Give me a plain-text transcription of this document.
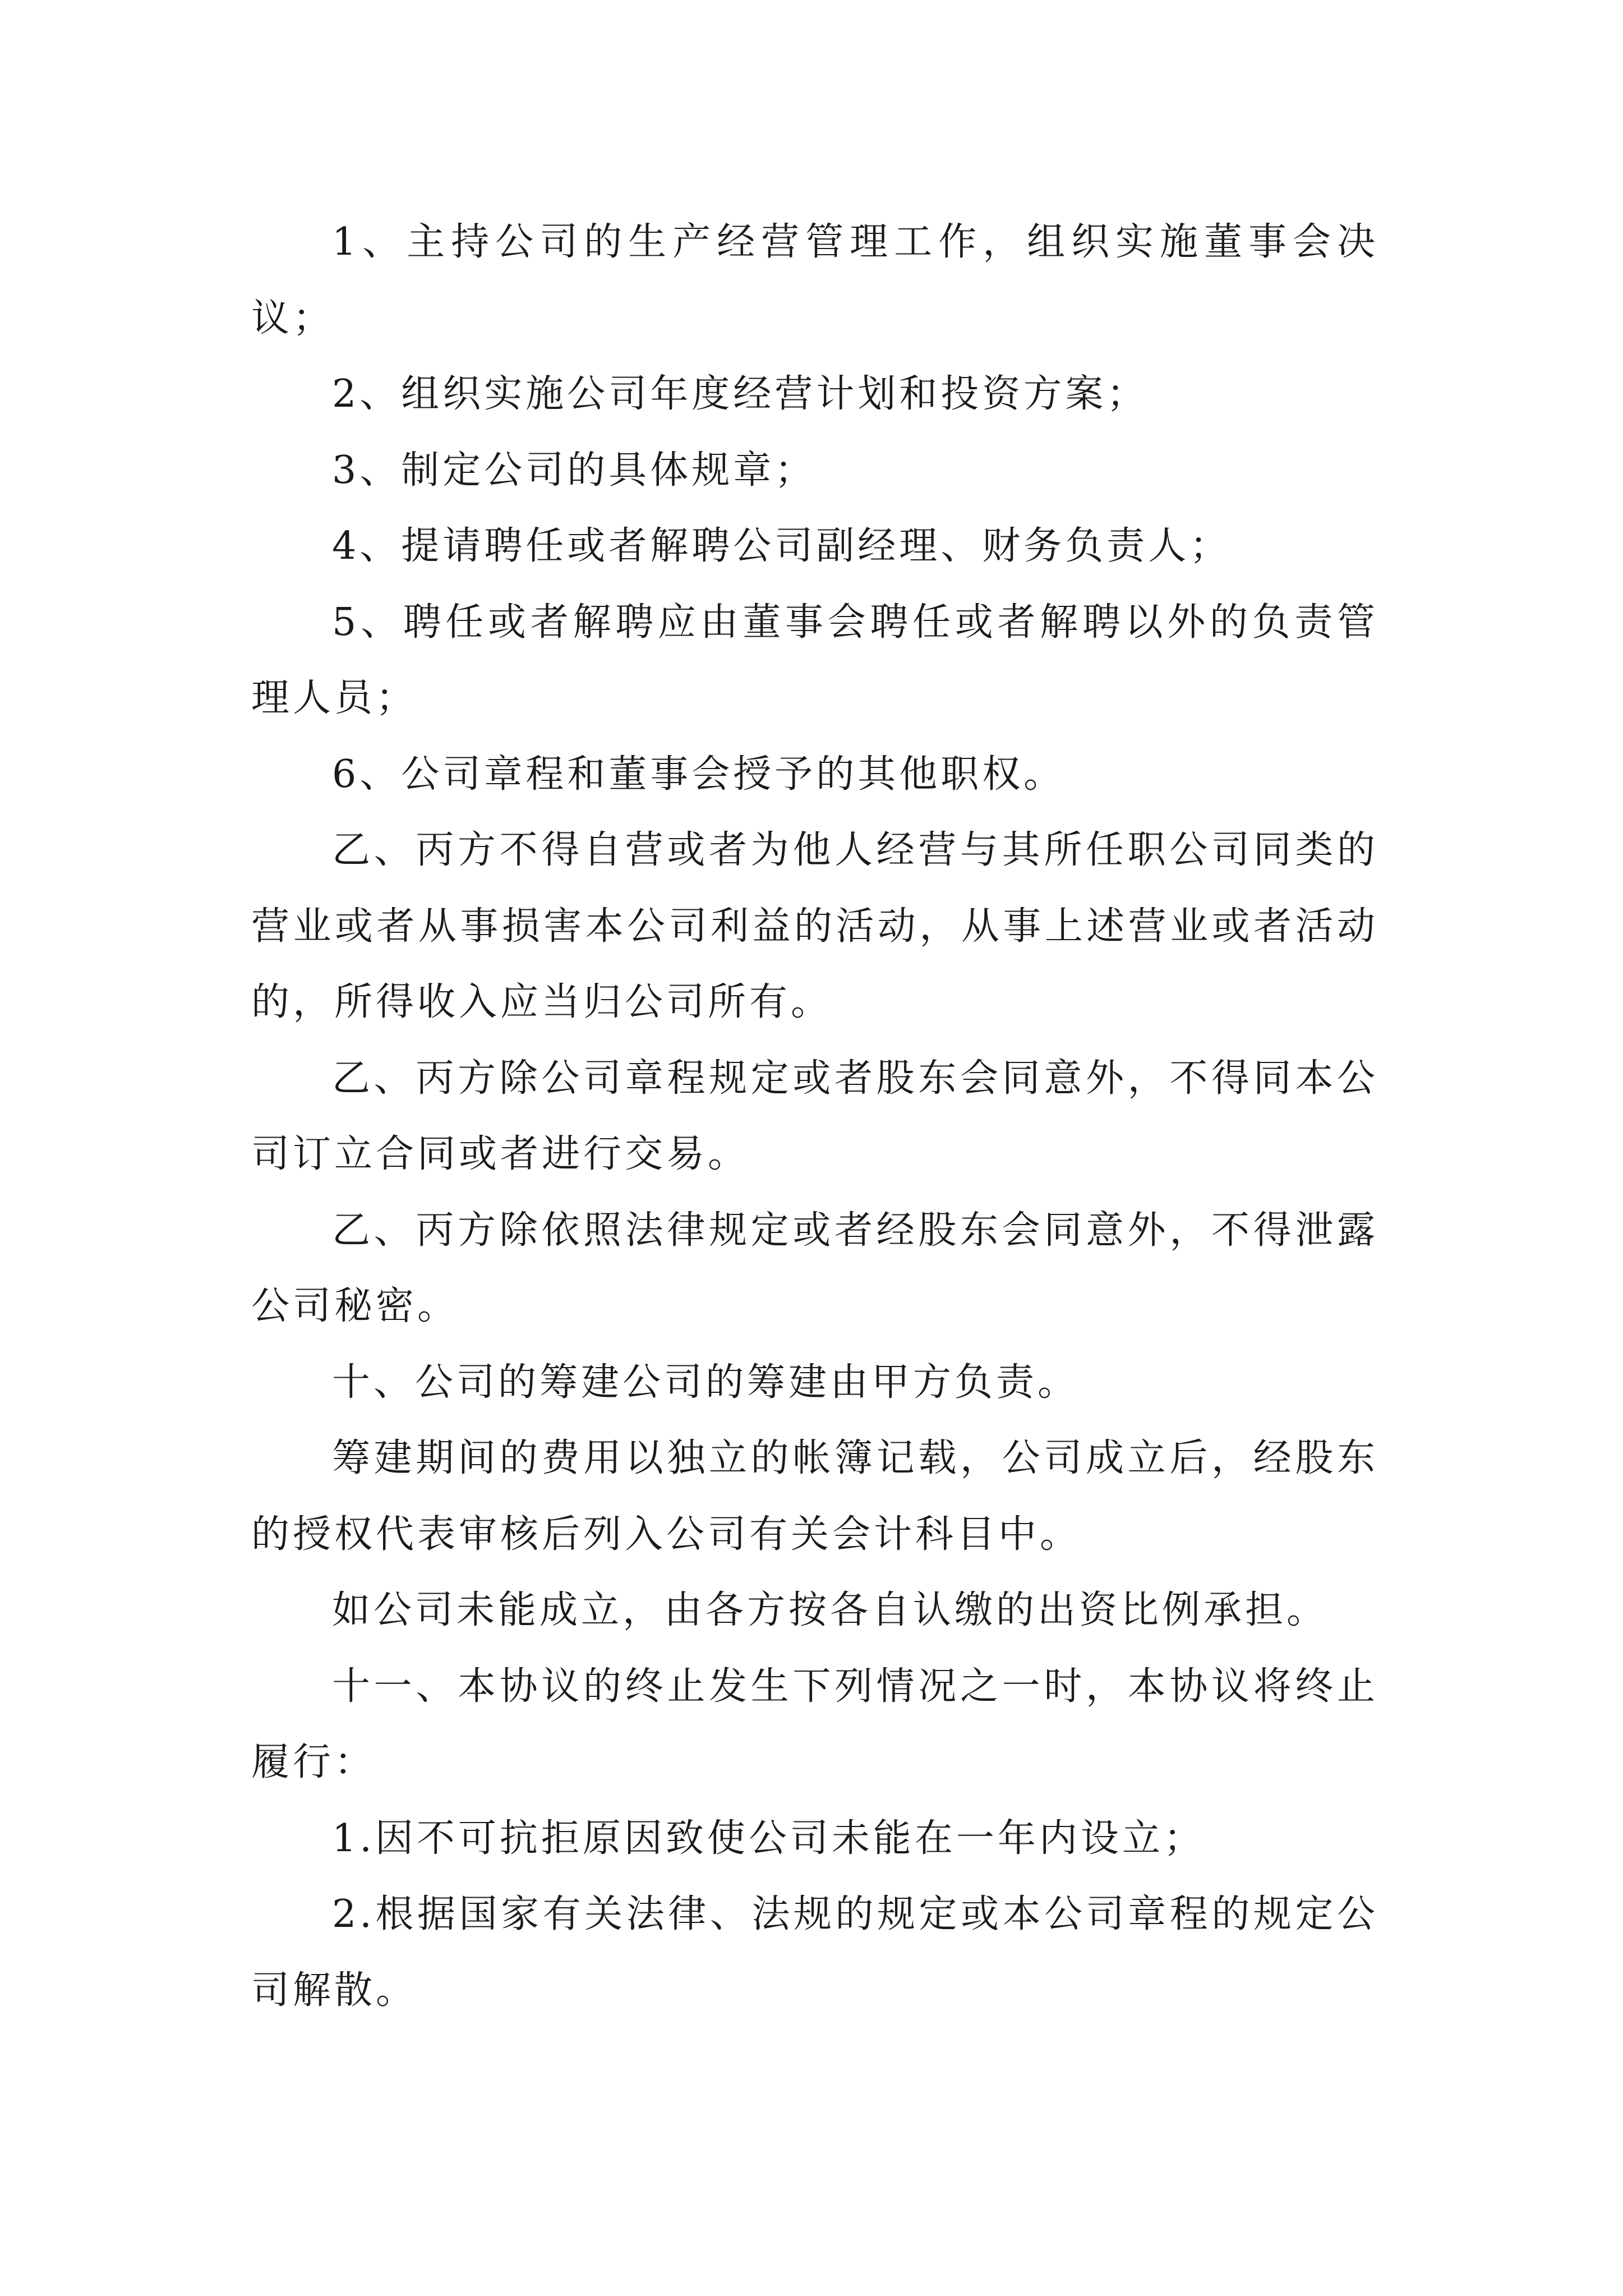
1、主持公司的生产经营管理工作，组织实施董事会决议；

2、组织实施公司年度经营计划和投资方案；

3、制定公司的具体规章；

4、提请聘任或者解聘公司副经理、财务负责人；

5、聘任或者解聘应由董事会聘任或者解聘以外的负责管理人员；

6、公司章程和董事会授予的其他职权。

乙、丙方不得自营或者为他人经营与其所任职公司同类的营业或者从事损害本公司利益的活动，从事上述营业或者活动的，所得收入应当归公司所有。

乙、丙方除公司章程规定或者股东会同意外，不得同本公司订立合同或者进行交易。

乙、丙方除依照法律规定或者经股东会同意外，不得泄露公司秘密。

十、公司的筹建公司的筹建由甲方负责。

筹建期间的费用以独立的帐簿记载，公司成立后，经股东的授权代表审核后列入公司有关会计科目中。

如公司未能成立，由各方按各自认缴的出资比例承担。

十一、本协议的终止发生下列情况之一时，本协议将终止履行：

1.因不可抗拒原因致使公司未能在一年内设立；

2.根据国家有关法律、法规的规定或本公司章程的规定公司解散。
